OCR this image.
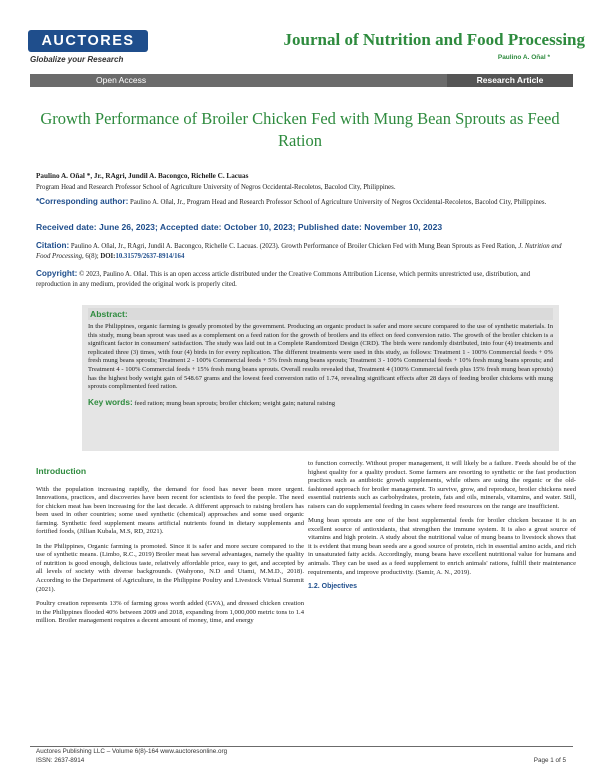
AUCTORES
Globalize your Research
Journal of Nutrition and Food Processing
Paulino A. Oñal *
Open Access	Research Article
Growth Performance of Broiler Chicken Fed with Mung Bean Sprouts as Feed Ration
Paulino A. Oñal *, Jr., RAgri, Jundil A. Bacongco, Richelle C. Lacuas
Program Head and Research Professor School of Agriculture University of Negros Occidental-Recoletos, Bacolod City, Philippines.
*Corresponding author: Paulino A. Oñal, Jr., Program Head and Research Professor School of Agriculture University of Negros Occidental-Recoletos, Bacolod City, Philippines.
Received date: June 26, 2023; Accepted date: October 10, 2023; Published date: November 10, 2023
Citation: Paulino A. Oñal, Jr., RAgri, Jundil A. Bacongco, Richelle C. Lacuas. (2023). Growth Performance of Broiler Chicken Fed with Mung Bean Sprouts as Feed Ration, J. Nutrition and Food Processing, 6(8); DOI:10.31579/2637-8914/164
Copyright: © 2023, Paulino A. Oñal. This is an open access article distributed under the Creative Commons Attribution License, which permits unrestricted use, distribution, and reproduction in any medium, provided the original work is properly cited.
Abstract:
In the Philippines, organic farming is greatly promoted by the government. Producing an organic product is safer and more secure compared to the use of synthetic materials. In this study, mung bean sprout was used as a complement on a feed ration for the growth of broilers and its effect on feed conversion ratio. The growth of the broiler chicken is a significant factor in consumers' satisfaction. The study was laid out in a Complete Randomized Design (CRD). The birds were randomly distributed, into four (4) treatments and replicated three (3) times, with four (4) birds in for every replication. The different treatments were used in this study, as follows: Treatment 1 - 100% Commercial feeds + 0% fresh mung beans sprouts; Treatment 2 - 100% Commercial feeds + 5% fresh mung beans sprouts; Treatment 3 - 100% Commercial feeds + 10% fresh mung beans sprouts; and Treatment 4 - 100% Commercial feeds + 15% fresh mung beans sprouts. Overall results revealed that, Treatment 4 (100% Commercial feeds plus 15% fresh mung bean sprouts) has the highest body weight gain of 548.67 grams and the lowest feed conversion ratio of 1.74, revealing significant effects after 28 days of feeding broiler chickens with mung sprouts complimented feed ration.
Key words: feed ration; mung bean sprouts; broiler chicken; weight gain; natural raising
Introduction

With the population increasing rapidly, the demand for food has never been more urgent. Innovations, practices, and discoveries have been recent for scientists to feed the people. The need for chicken meat has been increasing for the last decade. A different approach to raising broilers has been used in other countries; some used synthetic (chemical) approaches and some used organic farming. Synthetic feed supplement means artificial nutrients found in dietary supplements and fortified foods, (Jillian Kubala, M.S, RD, 2021).

In the Philippines, Organic farming is promoted. Since it is safer and more secure compared to the use of synthetic means. (Limbo, R.C., 2019) Broiler meat has several advantages, namely the quality of nutrition is good enough, delicious taste, relatively affordable price, easy to get, and accepted by all levels of society with diverse backgrounds. (Wahyono, N.D and Utami, M.M.D., 2018). According to the Department of Agriculture, in the Philippine Poultry and Livestock Virtual Summit (2021).

Poultry creation represents 13% of farming gross worth added (GVA), and dressed chicken creation in the Philippines flooded 40% between 2009 and 2018, expanding from 1,000,000 metric tons to 1.4 million. Broiler management requires a decent amount of money, time, and energy

to function correctly. Without proper management, it will likely be a failure. Feeds should be of the highest quality for a quality product. Some farmers are resorting to synthetic or the fast production practices such as antibiotic growth supplements, while others are using the organic or the old-fashioned approach for broiler management. To survive, grow, and reproduce, broiler chickens need essential nutrients such as carbohydrates, protein, fats and oils, minerals, vitamins, and water. Still, raisers can do supplemental feeding in cases where feed resources on the range are insufficient.

Mung bean sprouts are one of the best supplemental feeds for broiler chicken because it is an excellent source of antioxidants, that strengthen the immune system. It is also a great source of vitamins and high protein. A study about the nutritional value of mung beans to livestock shows that it is evident that mung bean seeds are a good source of protein, rich in essential amino acids, and rich in unsaturated fatty acids. Accordingly, mung beans have excellent nutritional value for humans and animals. They can be used as a feed supplement to enrich animals' rations, fulfill their maintenance requirements, and improve productivity. (Samir, A. N., 2019).

1.2. Objectives
Auctores Publishing LLC – Volume 6(8)-164 www.auctoresonline.org
ISSN: 2637-8914	Page 1 of 5
